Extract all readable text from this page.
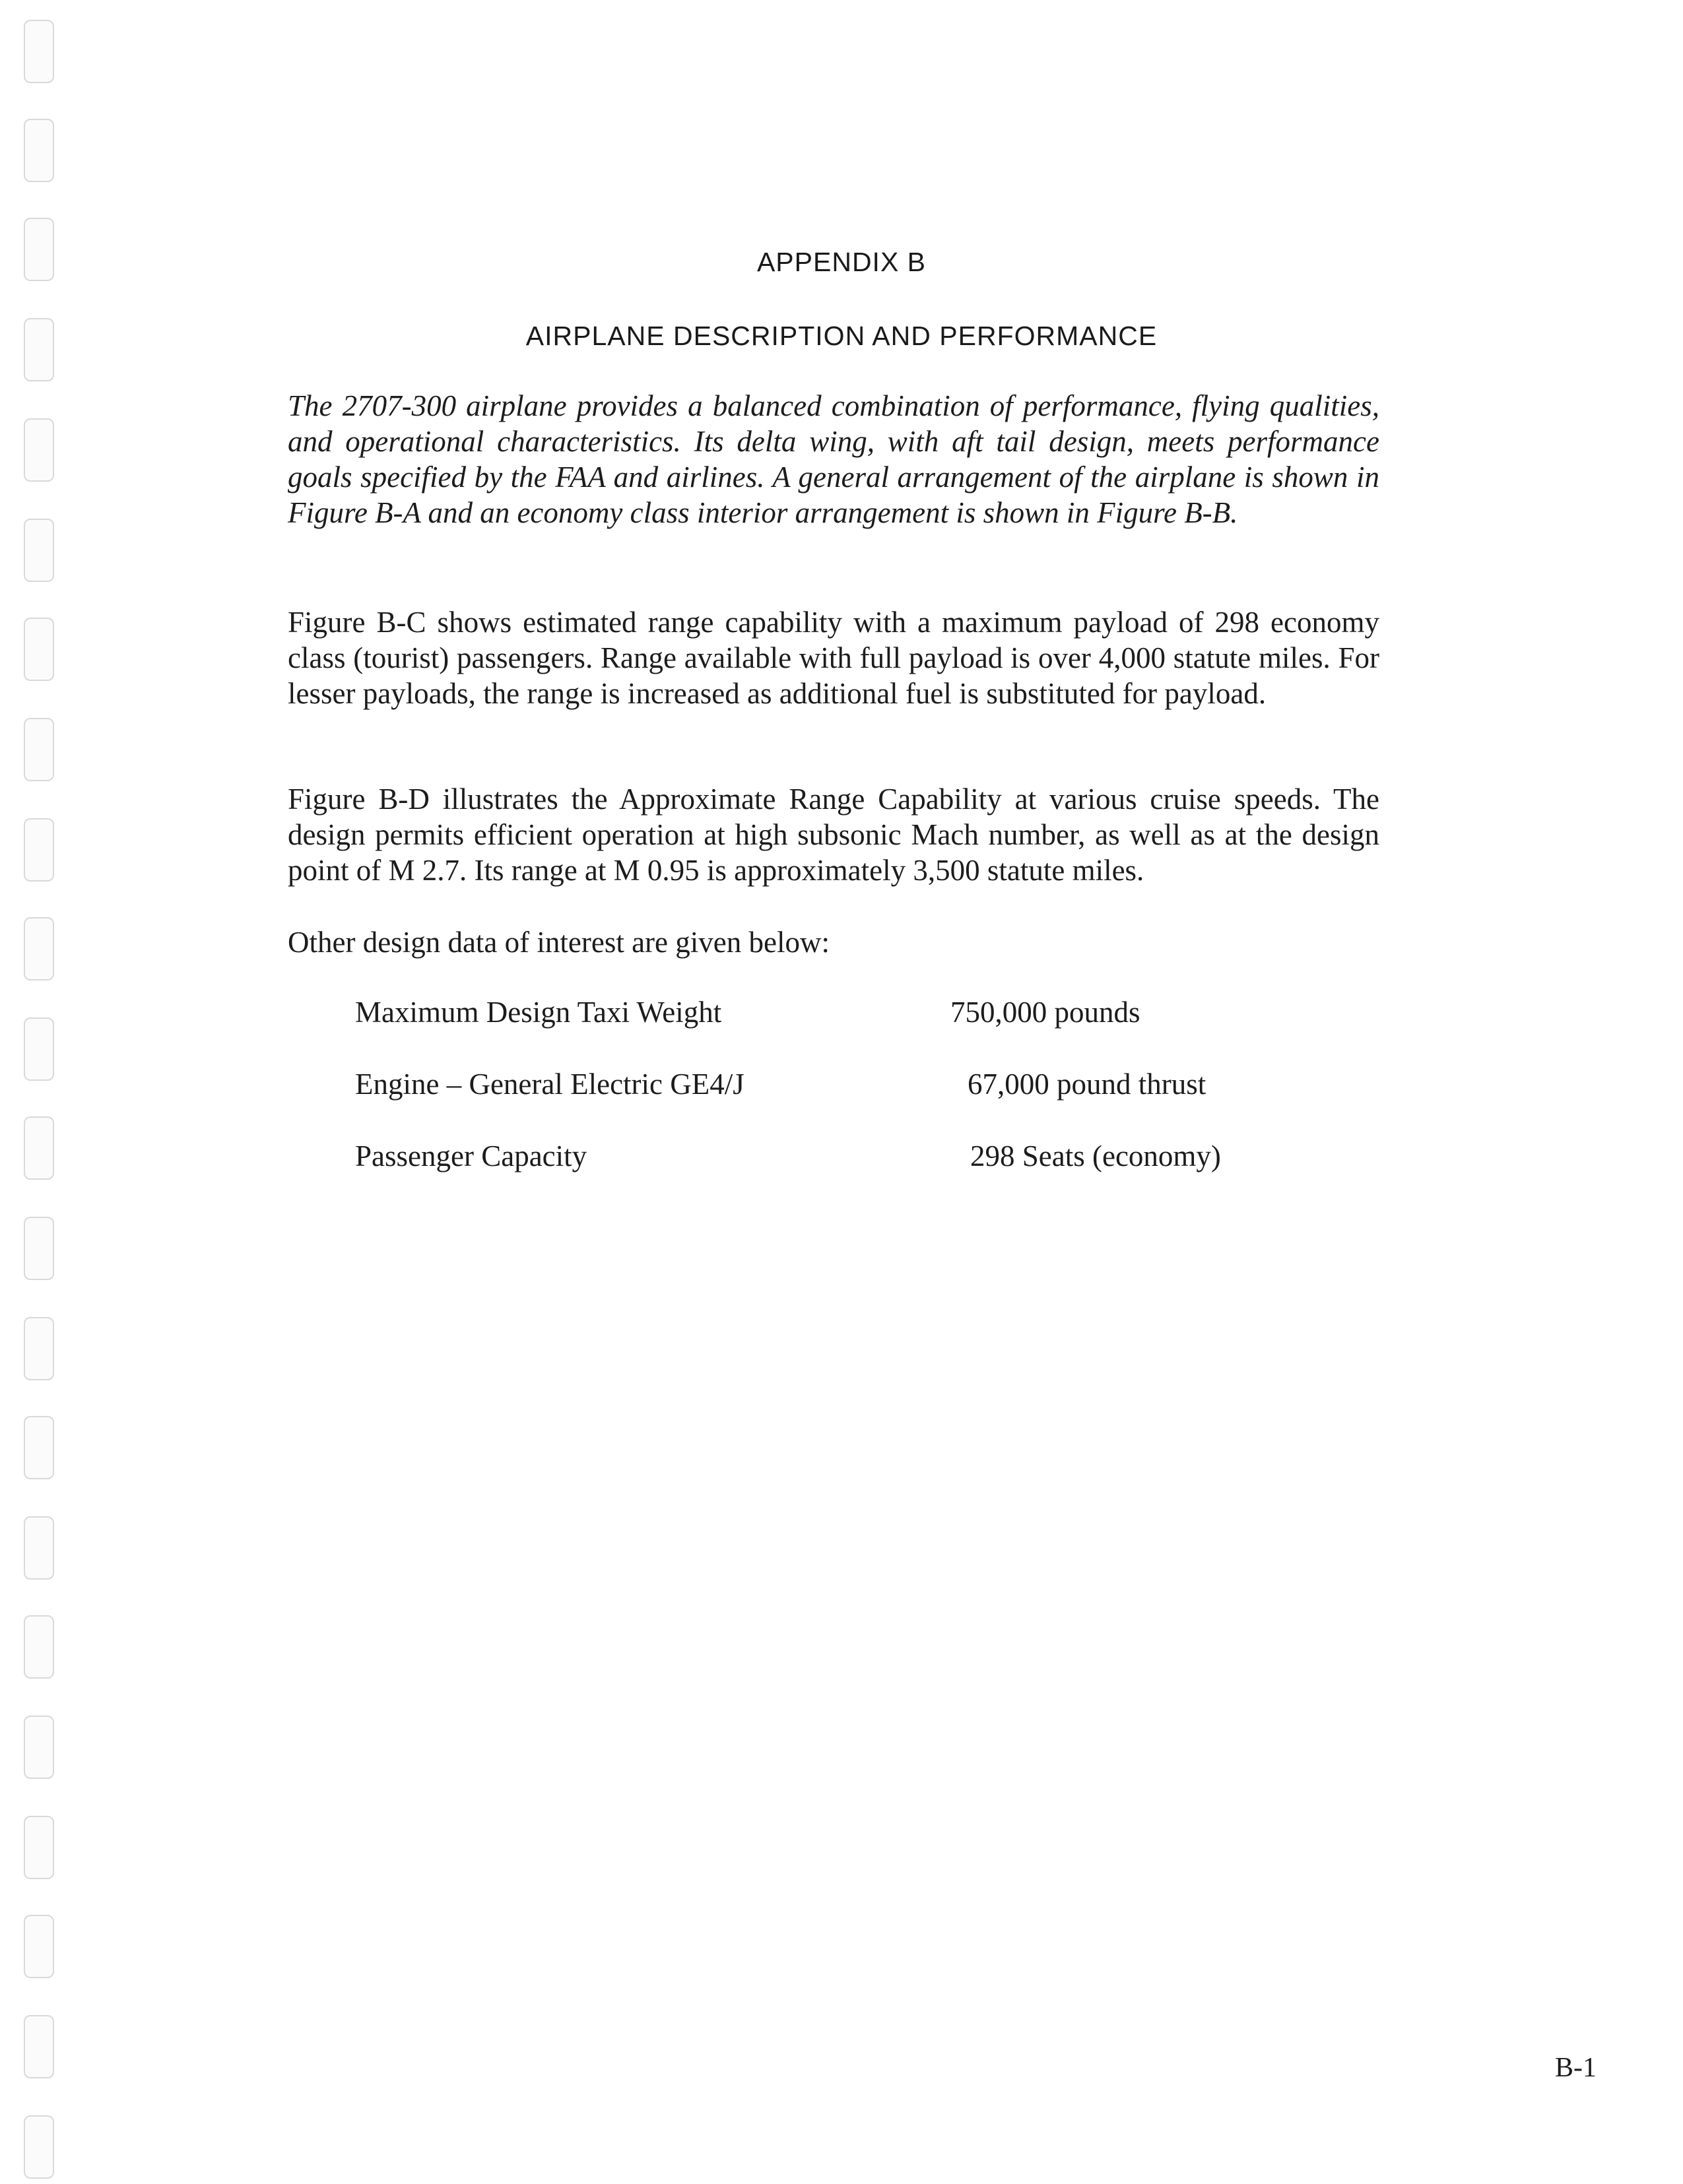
APPENDIX B
AIRPLANE DESCRIPTION AND PERFORMANCE

The 2707-300 airplane provides a balanced combination of performance, flying qualities, and operational characteristics. Its delta wing, with aft tail design, meets performance goals specified by the FAA and airlines. A general arrangement of the airplane is shown in Figure B-A and an economy class interior arrangement is shown in Figure B-B.

Figure B-C shows estimated range capability with a maximum payload of 298 economy class (tourist) passengers. Range available with full payload is over 4,000 statute miles. For lesser payloads, the range is increased as additional fuel is substituted for payload.

Figure B-D illustrates the Approximate Range Capability at various cruise speeds. The design permits efficient operation at high subsonic Mach number, as well as at the design point of M 2.7. Its range at M 0.95 is approximately 3,500 statute miles.

Other design data of interest are given below:

Maximum Design Taxi Weight	750,000 pounds
Engine – General Electric GE4/J	67,000 pound thrust
Passenger Capacity	298 Seats (economy)
B-1
